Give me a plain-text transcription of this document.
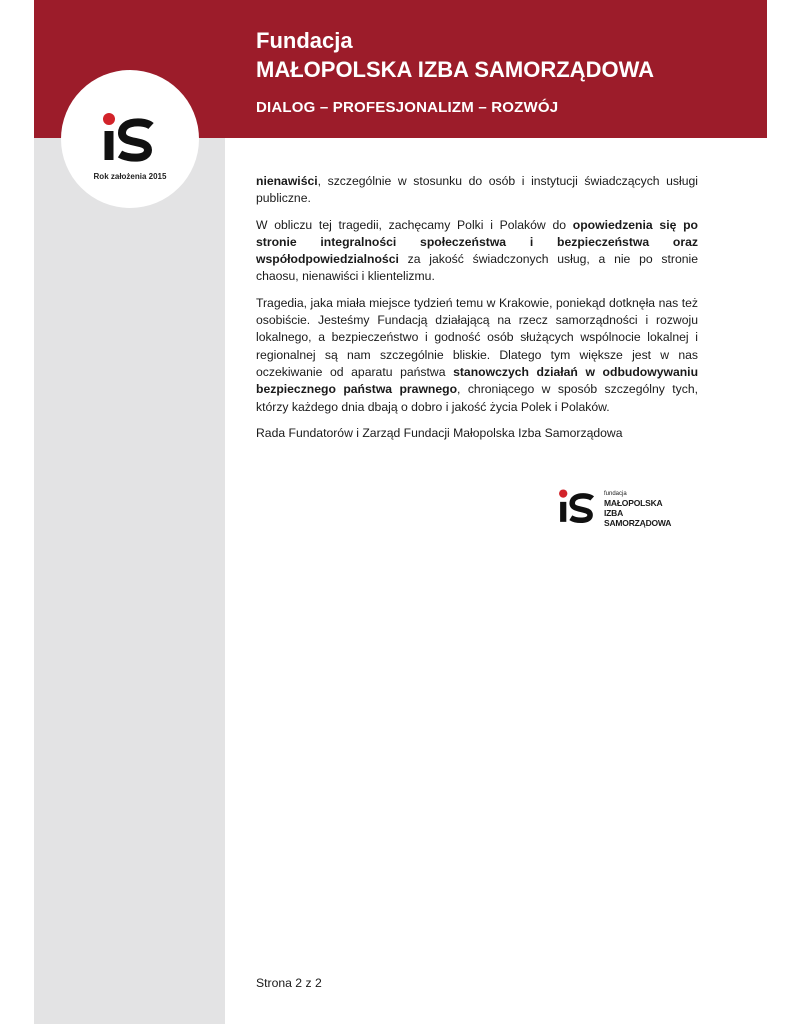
Fundacja
MAŁOPOLSKA IZBA SAMORZĄDOWA
DIALOG – PROFESJONALIZM – ROZWÓJ
Rok założenia 2015	nienawiści, szczególnie w stosunku do osób i instytucji świadczących usługi publiczne.

W obliczu tej tragedii, zachęcamy Polki i Polaków do opowiedzenia się po stronie integralności społeczeństwa i bezpieczeństwa oraz współodpowiedzialności za jakość świadczonych usług, a nie po stronie chaosu, nienawiści i klientelizmu.

Tragedia, jaka miała miejsce tydzień temu w Krakowie, poniekąd dotknęła nas też osobiście. Jesteśmy Fundacją działającą na rzecz samorządności i rozwoju lokalnego, a bezpieczeństwo i godność osób służących wspólnocie lokalnej i regionalnej są nam szczególnie bliskie. Dlatego tym większe jest w nas oczekiwanie od aparatu państwa stanowczych działań w odbudowywaniu bezpiecznego państwa prawnego, chroniącego w sposób szczególny tych, którzy każdego dnia dbają o dobro i jakość życia Polek i Polaków.

Rada Fundatorów i Zarząd Fundacji Małopolska Izba Samorządowa

fundacja
MAŁOPOLSKA IZBA
SAMORZĄDOWA
Strona 2 z 2
